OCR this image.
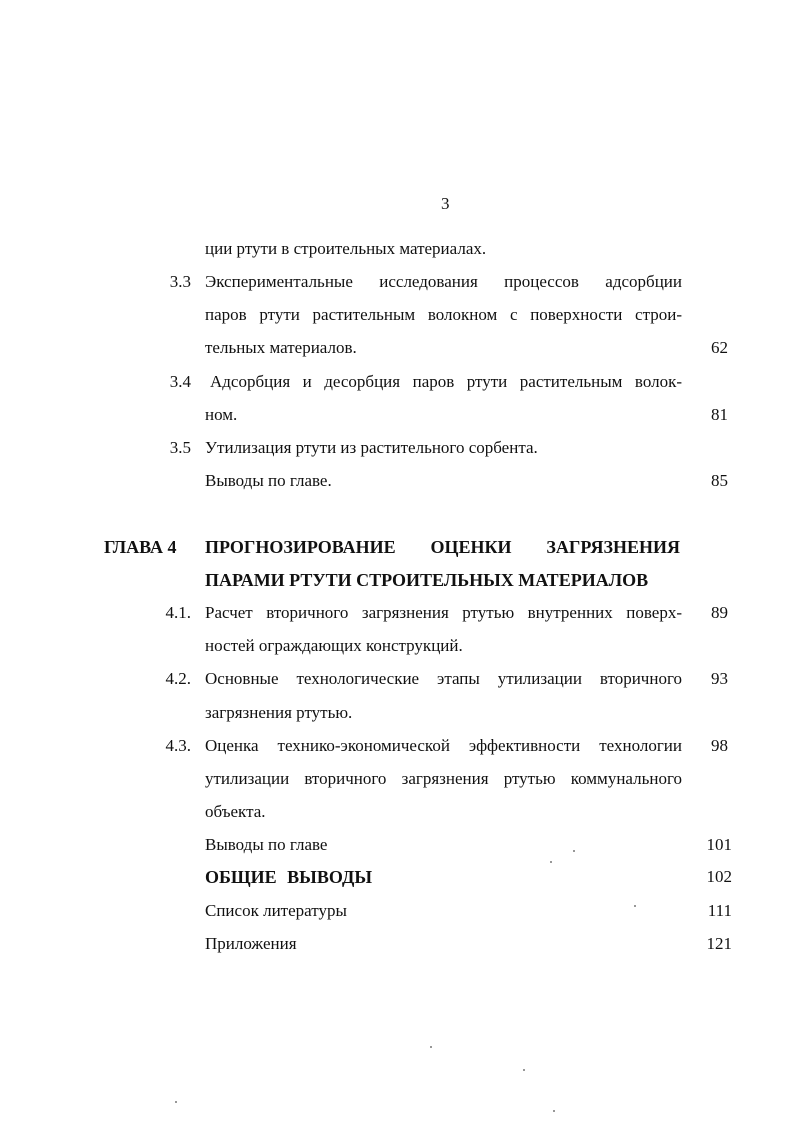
3
ции ртути в строительных материалах.
3.3 Экспериментальные исследования процессов адсорбции
паров ртути растительным волокном с поверхности строи-
тельных материалов.	62
3.4 Адсорбция и десорбция паров ртути растительным волок-
ном.	81
3.5 Утилизация ртути из растительного сорбента.
Выводы по главе.	85
ГЛАВА 4 ПРОГНОЗИРОВАНИЕ ОЦЕНКИ ЗАГРЯЗНЕНИЯ
ПАРАМИ РТУТИ СТРОИТЕЛЬНЫХ МАТЕРИАЛОВ
4.1. Расчет вторичного загрязнения ртутью внутренних поверх-	89
ностей ограждающих конструкций.
4.2. Основные технологические этапы утилизации вторичного	93
загрязнения ртутью.
4.3. Оценка технико-экономической эффективности технологии	98
утилизации вторичного загрязнения ртутью коммунального
объекта.
Выводы по главе	101
ОБЩИЕ ВЫВОДЫ	102
Список литературы	111
Приложения	121
